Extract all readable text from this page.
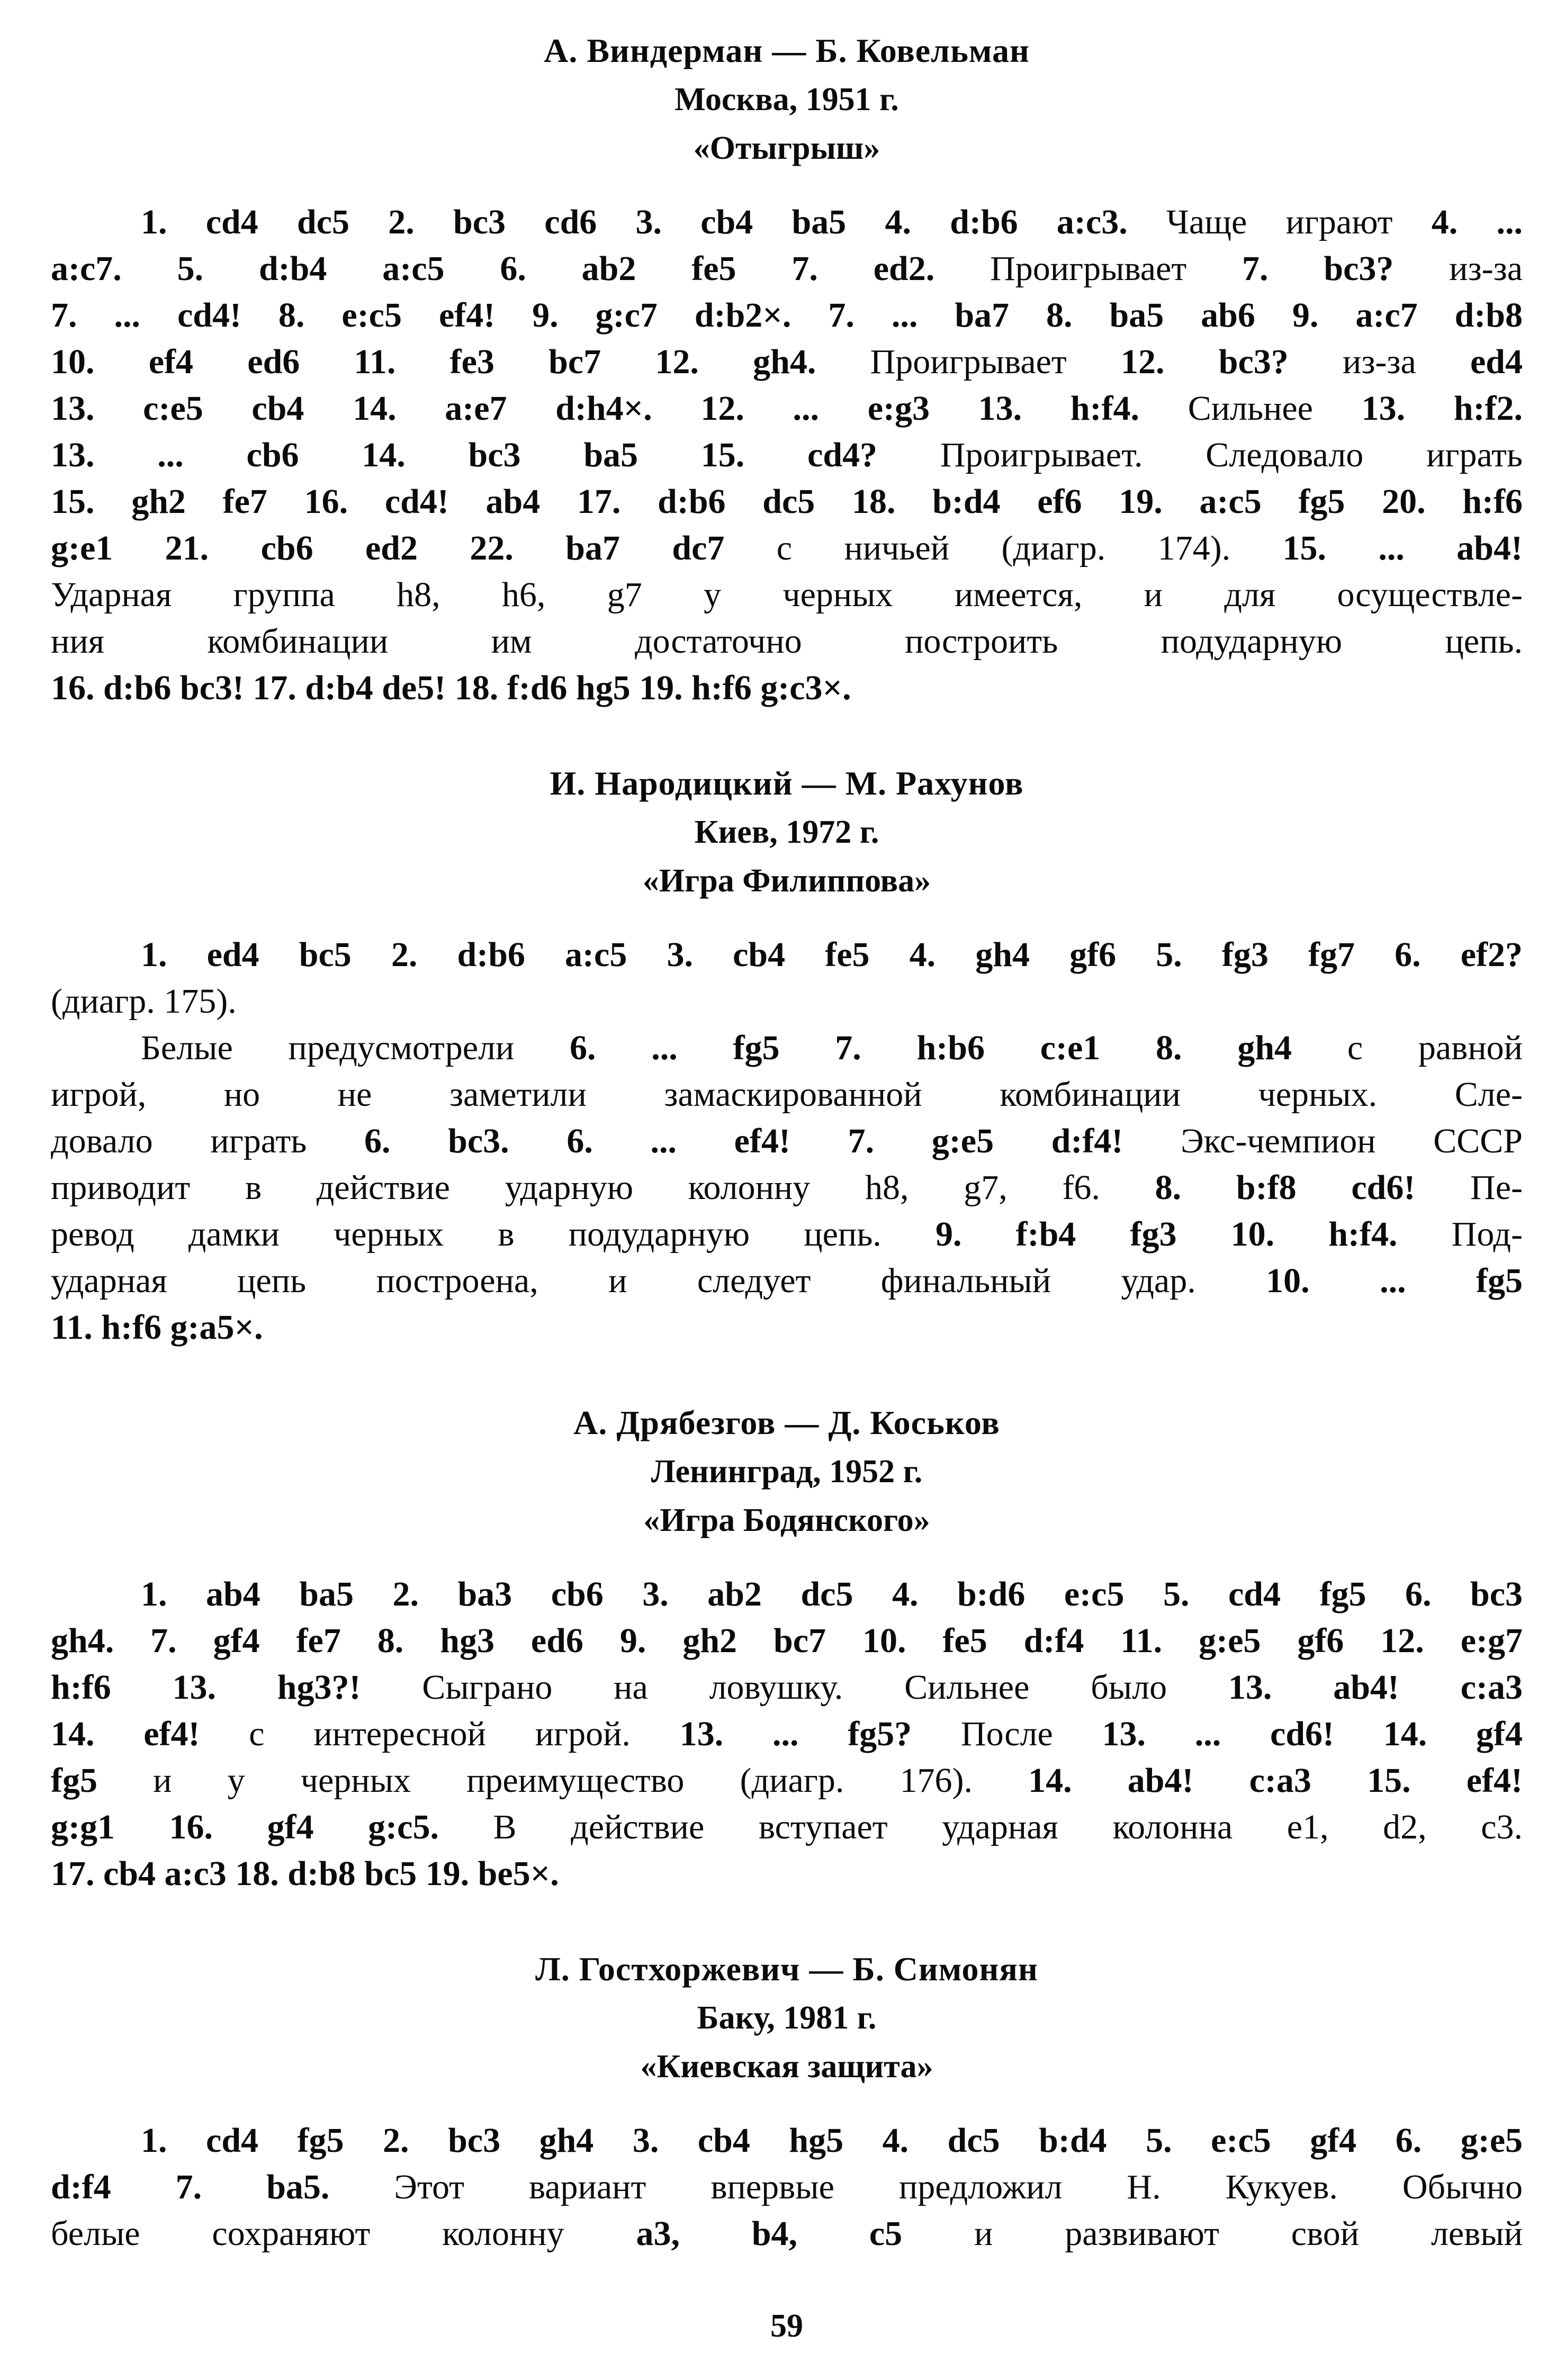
А. Виндерман — Б. Ковельман
Москва, 1951 г.
«Отыгрыш»
1. cd4 dc5 2. bc3 cd6 3. cb4 ba5 4. d:b6 a:c3. Чаще играют 4. ...
a:c7. 5. d:b4 a:c5 6. ab2 fe5 7. ed2. Проигрывает 7. bc3? из-за
7. ... cd4! 8. e:c5 ef4! 9. g:c7 d:b2×. 7. ... ba7 8. ba5 ab6 9. a:c7 d:b8
10. ef4 ed6 11. fe3 bc7 12. gh4. Проигрывает 12. bc3? из-за ed4
13. c:e5 cb4 14. a:e7 d:h4×. 12. ... e:g3 13. h:f4. Сильнее 13. h:f2.
13. ... cb6 14. bc3 ba5 15. cd4? Проигрывает. Следовало играть
15. gh2 fe7 16. cd4! ab4 17. d:b6 dc5 18. b:d4 ef6 19. a:c5 fg5 20. h:f6
g:e1 21. cb6 ed2 22. ba7 dc7 с ничьей (диагр. 174). 15. ... ab4!
Ударная группа h8, h6, g7 у черных имеется, и для осуществле-
ния комбинации им достаточно построить подударную цепь.
16. d:b6 bc3! 17. d:b4 de5! 18. f:d6 hg5 19. h:f6 g:c3×.
И. Народицкий — М. Рахунов
Киев, 1972 г.
«Игра Филиппова»
1. ed4 bc5 2. d:b6 a:c5 3. cb4 fe5 4. gh4 gf6 5. fg3 fg7 6. ef2?
(диагр. 175).
Белые предусмотрели 6. ... fg5 7. h:b6 c:e1 8. gh4 с равной
игрой, но не заметили замаскированной комбинации черных. Сле-
довало играть 6. bc3. 6. ... ef4! 7. g:e5 d:f4! Экс-чемпион СССР
приводит в действие ударную колонну h8, g7, f6. 8. b:f8 cd6! Пе-
ревод дамки черных в подударную цепь. 9. f:b4 fg3 10. h:f4. Под-
ударная цепь построена, и следует финальный удар. 10. ... fg5
11. h:f6 g:a5×.
А. Дрябезгов — Д. Коськов
Ленинград, 1952 г.
«Игра Бодянского»
1. ab4 ba5 2. ba3 cb6 3. ab2 dc5 4. b:d6 e:c5 5. cd4 fg5 6. bc3
gh4. 7. gf4 fe7 8. hg3 ed6 9. gh2 bc7 10. fe5 d:f4 11. g:e5 gf6 12. e:g7
h:f6 13. hg3?! Сыграно на ловушку. Сильнее было 13. ab4! c:a3
14. ef4! с интересной игрой. 13. ... fg5? После 13. ... cd6! 14. gf4
fg5 и у черных преимущество (диагр. 176). 14. ab4! c:a3 15. ef4!
g:g1 16. gf4 g:c5. В действие вступает ударная колонна e1, d2, c3.
17. cb4 a:c3 18. d:b8 bc5 19. be5×.
Л. Гостхоржевич — Б. Симонян
Баку, 1981 г.
«Киевская защита»
1. cd4 fg5 2. bc3 gh4 3. cb4 hg5 4. dc5 b:d4 5. e:c5 gf4 6. g:e5
d:f4 7. ba5. Этот вариант впервые предложил Н. Кукуев. Обычно
белые сохраняют колонну a3, b4, c5 и развивают свой левый
59
